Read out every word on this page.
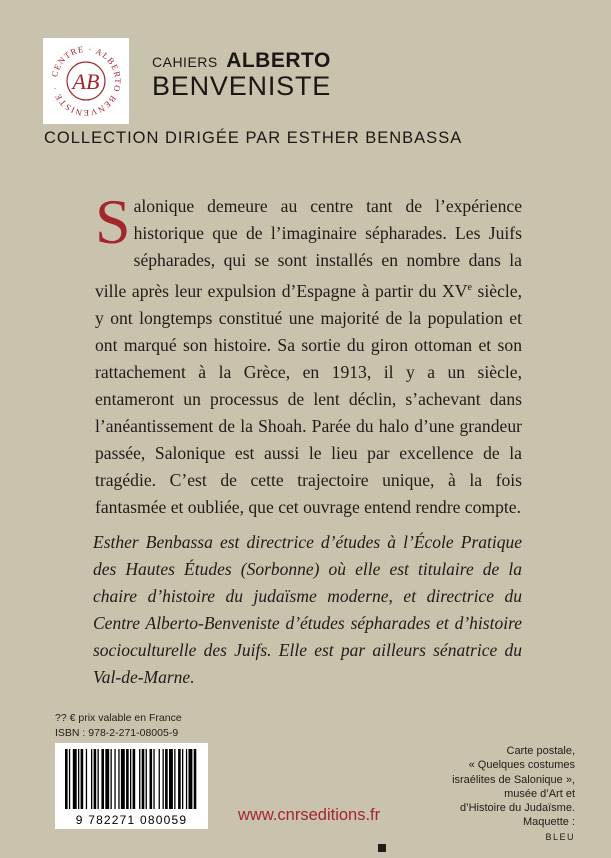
CENTRE · ALBERTO BENVENISTE · AB
CAHIERS ALBERTO
BENVENISTE

COLLECTION DIRIGÉE PAR ESTHER BENBASSA

Salonique demeure au centre tant de l’expérience historique que de l’imaginaire sépharades. Les Juifs sépharades, qui se sont installés en nombre dans la ville après leur expulsion d’Espagne à partir du XVe siècle, y ont longtemps constitué une majorité de la population et ont marqué son histoire. Sa sortie du giron ottoman et son rattachement à la Grèce, en 1913, il y a un siècle, entameront un processus de lent déclin, s’achevant dans l’anéantissement de la Shoah. Parée du halo d’une grandeur passée, Salonique est aussi le lieu par excellence de la tragédie. C’est de cette trajectoire unique, à la fois fantasmée et oubliée, que cet ouvrage entend rendre compte.

Esther Benbassa est directrice d’études à l’École Pratique des Hautes Études (Sorbonne) où elle est titulaire de la chaire d’histoire du judaïsme moderne, et directrice du Centre Alberto-Benveniste d’études sépharades et d’histoire socioculturelle des Juifs. Elle est par ailleurs sénatrice du Val-de-Marne.

?? € prix valable en France

ISBN : 978-2-271-08005-9

9 782271 080059	www.cnrseditions.fr

Carte postale,
« Quelques costumes
israélites de Salonique »,
musée d’Art et
d’Histoire du Judaïsme.
Maquette :
BLEU
